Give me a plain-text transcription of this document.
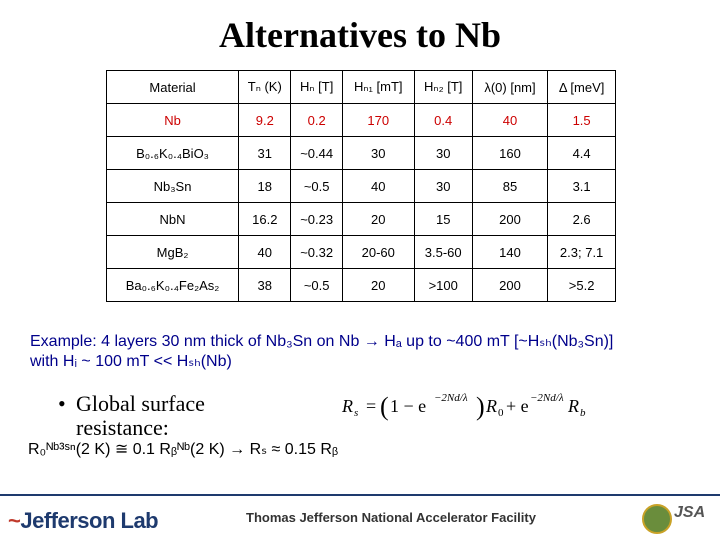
Alternatives to Nb
Material	Tₙ (K)	Hₙ [T]	Hₙ₁ [mT]	Hₙ₂ [T]	λ(0) [nm]	Δ [meV]
Nb	9.2	0.2	170	0.4	40	1.5
B₀.₆K₀.₄BiO₃	31	~0.44	30	30	160	4.4
Nb₃Sn	18	~0.5	40	30	85	3.1
NbN	16.2	~0.23	20	15	200	2.6
MgB₂	40	~0.32	20-60	3.5-60	140	2.3; 7.1
Ba₀.₆K₀.₄Fe₂As₂	38	~0.5	20	>100	200	>5.2
Example: 4 layers 30 nm thick of Nb₃Sn on Nb → Hₐ up to ~400 mT [~Hₛₕ(Nb₃Sn)]
with Hᵢ ~ 100 mT << Hₛₕ(Nb)
• Global surface
resistance:
R s = ( 1 − e −2Nd/λ ) R 0 + e −2Nd/λ R b
R₀ᴺᵇ³ˢⁿ(2 K) ≅ 0.1 Rᵦᴺᵇ(2 K) → Rₛ ≈ 0.15 Rᵦ
~Jefferson Lab	Thomas Jefferson National Accelerator Facility	JSA
